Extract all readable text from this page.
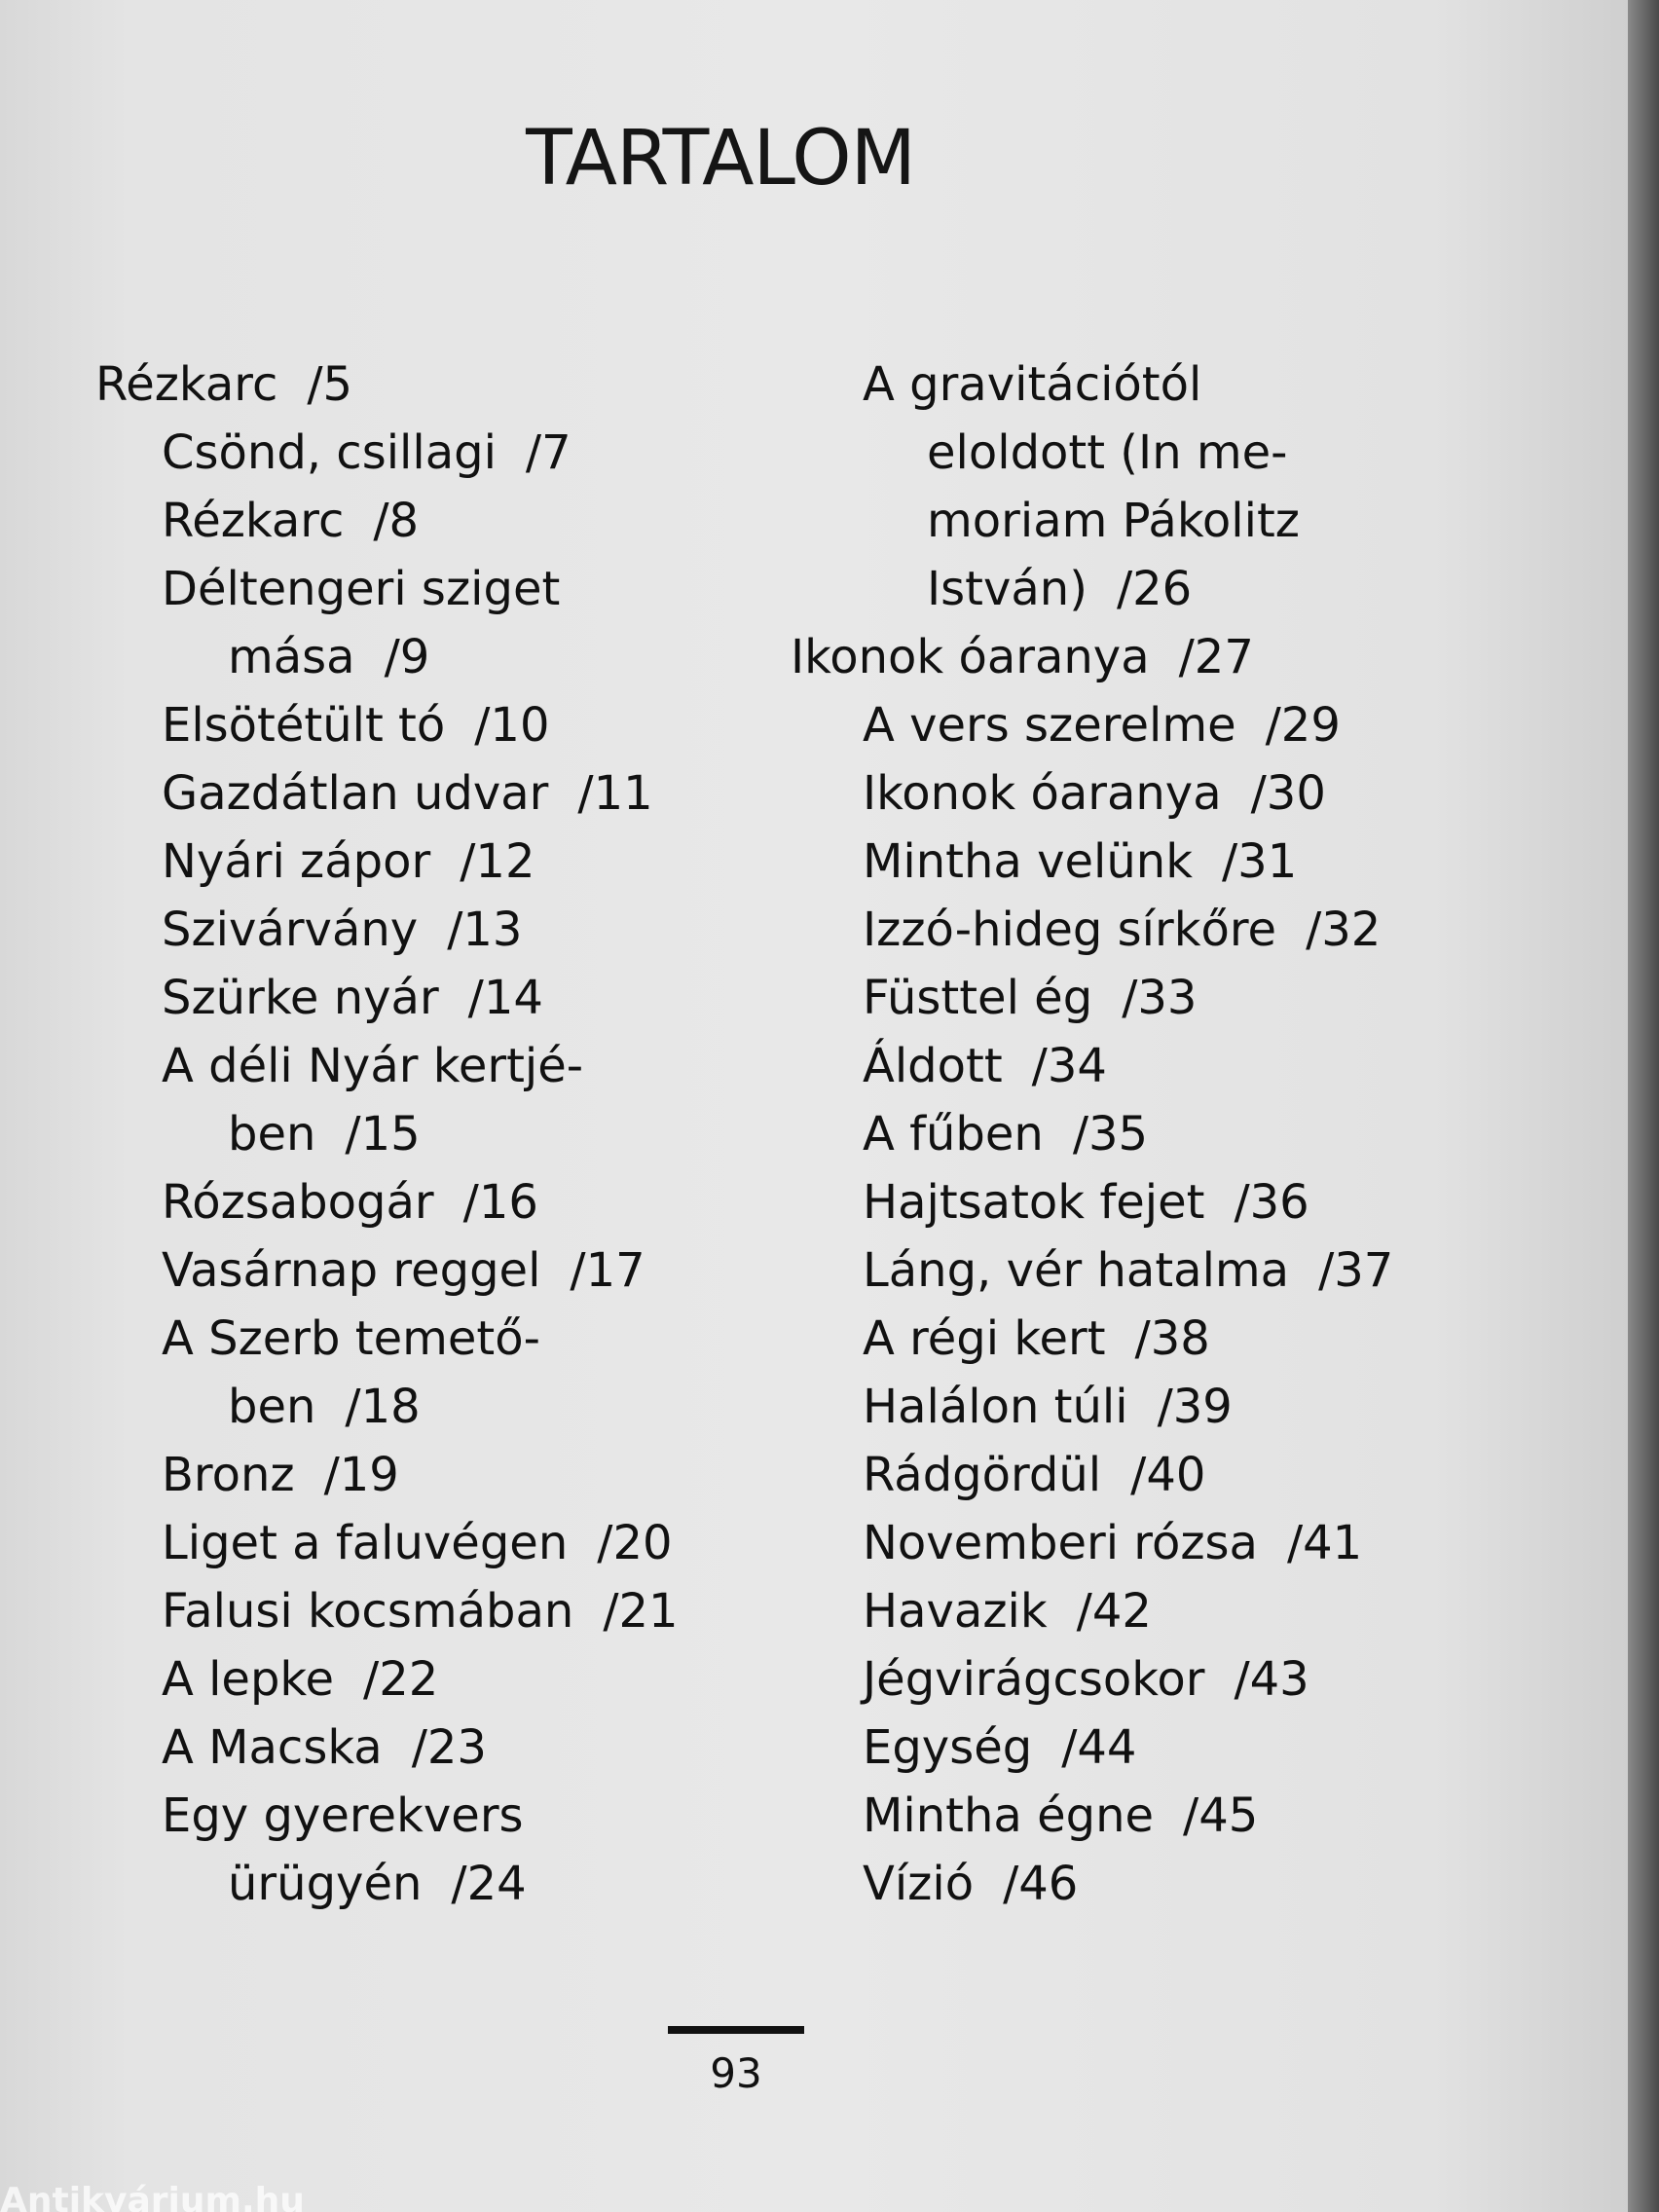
TARTALOM
Rézkarc /5
Csönd, csillagi /7
Rézkarc /8
Déltengeri sziget
mása /9
Elsötétült tó /10
Gazdátlan udvar /11
Nyári zápor /12
Szivárvány /13
Szürke nyár /14
A déli Nyár kertjé-
ben /15
Rózsabogár /16
Vasárnap reggel /17
A Szerb temető-
ben /18
Bronz /19
Liget a faluvégen /20
Falusi kocsmában /21
A lepke /22
A Macska /23
Egy gyerekvers
ürügyén /24
A gravitációtól
eloldott (In me-
moriam Pákolitz
István) /26
Ikonok óaranya /27
A vers szerelme /29
Ikonok óaranya /30
Mintha velünk /31
Izzó-hideg sírkőre /32
Füsttel ég /33
Áldott /34
A fűben /35
Hajtsatok fejet /36
Láng, vér hatalma /37
A régi kert /38
Halálon túli /39
Rádgördül /40
Novemberi rózsa /41
Havazik /42
Jégvirágcsokor /43
Egység /44
Mintha égne /45
Vízió /46
93
Antikvárium.hu
